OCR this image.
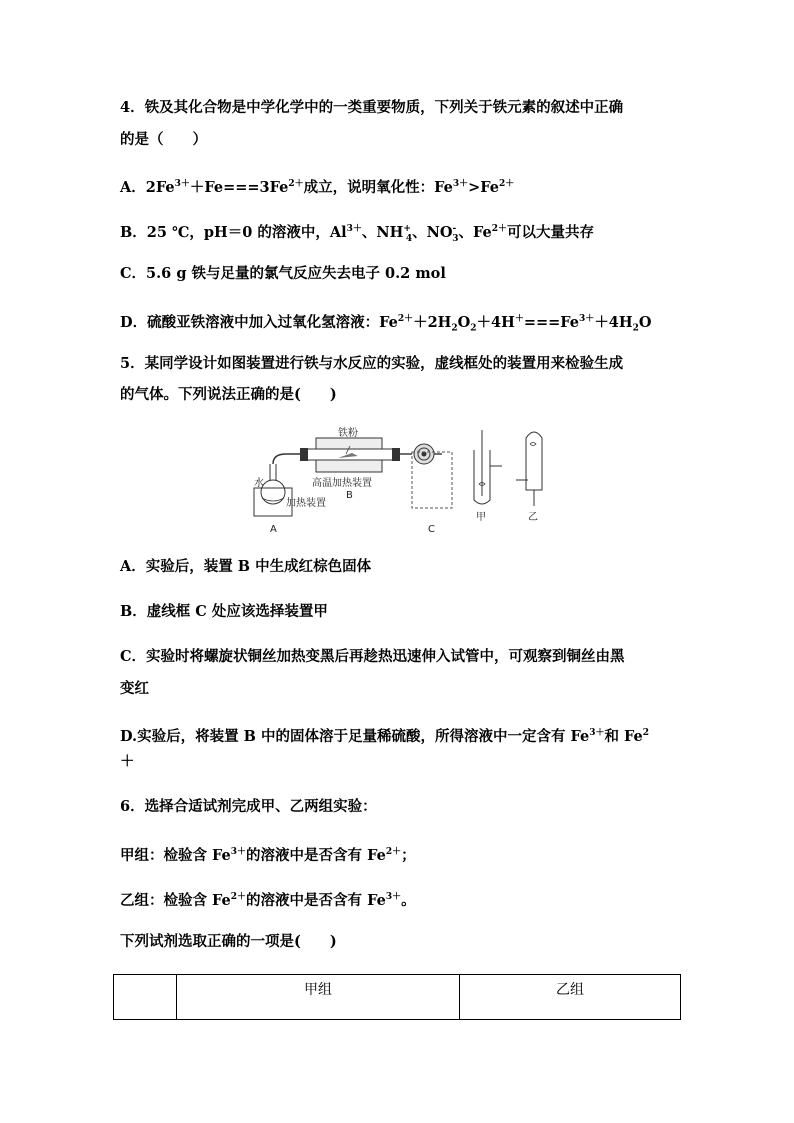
4．铁及其化合物是中学化学中的一类重要物质，下列关于铁元素的叙述中正确
的是（　　）
A．$2Fe^{3+}+Fe===3Fe^{2+}$成立，说明氧化性：$Fe^{3+}>Fe^{2+}$
B．25 ℃，pH＝0 的溶液中，$Al^{3+}$、$NH^+_4$、$NO^-_3$、$Fe^{2+}$可以大量共存
C．5.6 g 铁与足量的氯气反应失去电子 0.2 mol
D．硫酸亚铁溶液中加入过氧化氢溶液：$Fe^{2+}+2H_2O_2+4H^+===Fe^{3+}+4H_2O$
5．某同学设计如图装置进行铁与水反应的实验，虚线框处的装置用来检验生成
的气体。下列说法正确的是(　　)
铁粉
高温加热装置
B
水
加热装置
A	C
甲	乙
A．实验后，装置 B 中生成红棕色固体
B．虚线框 C 处应该选择装置甲
C．实验时将螺旋状铜丝加热变黑后再趁热迅速伸入试管中，可观察到铜丝由黑
变红
D.实验后，将装置 B 中的固体溶于足量稀硫酸，所得溶液中一定含有 $Fe^{3+}$和 $Fe^2$
＋
6．选择合适试剂完成甲、乙两组实验：
甲组：检验含 $Fe^{3+}$的溶液中是否含有 $Fe^{2+}$；
乙组：检验含 $Fe^{2+}$的溶液中是否含有 $Fe^{3+}$。
下列试剂选取正确的一项是(　　)
	甲组	乙组
